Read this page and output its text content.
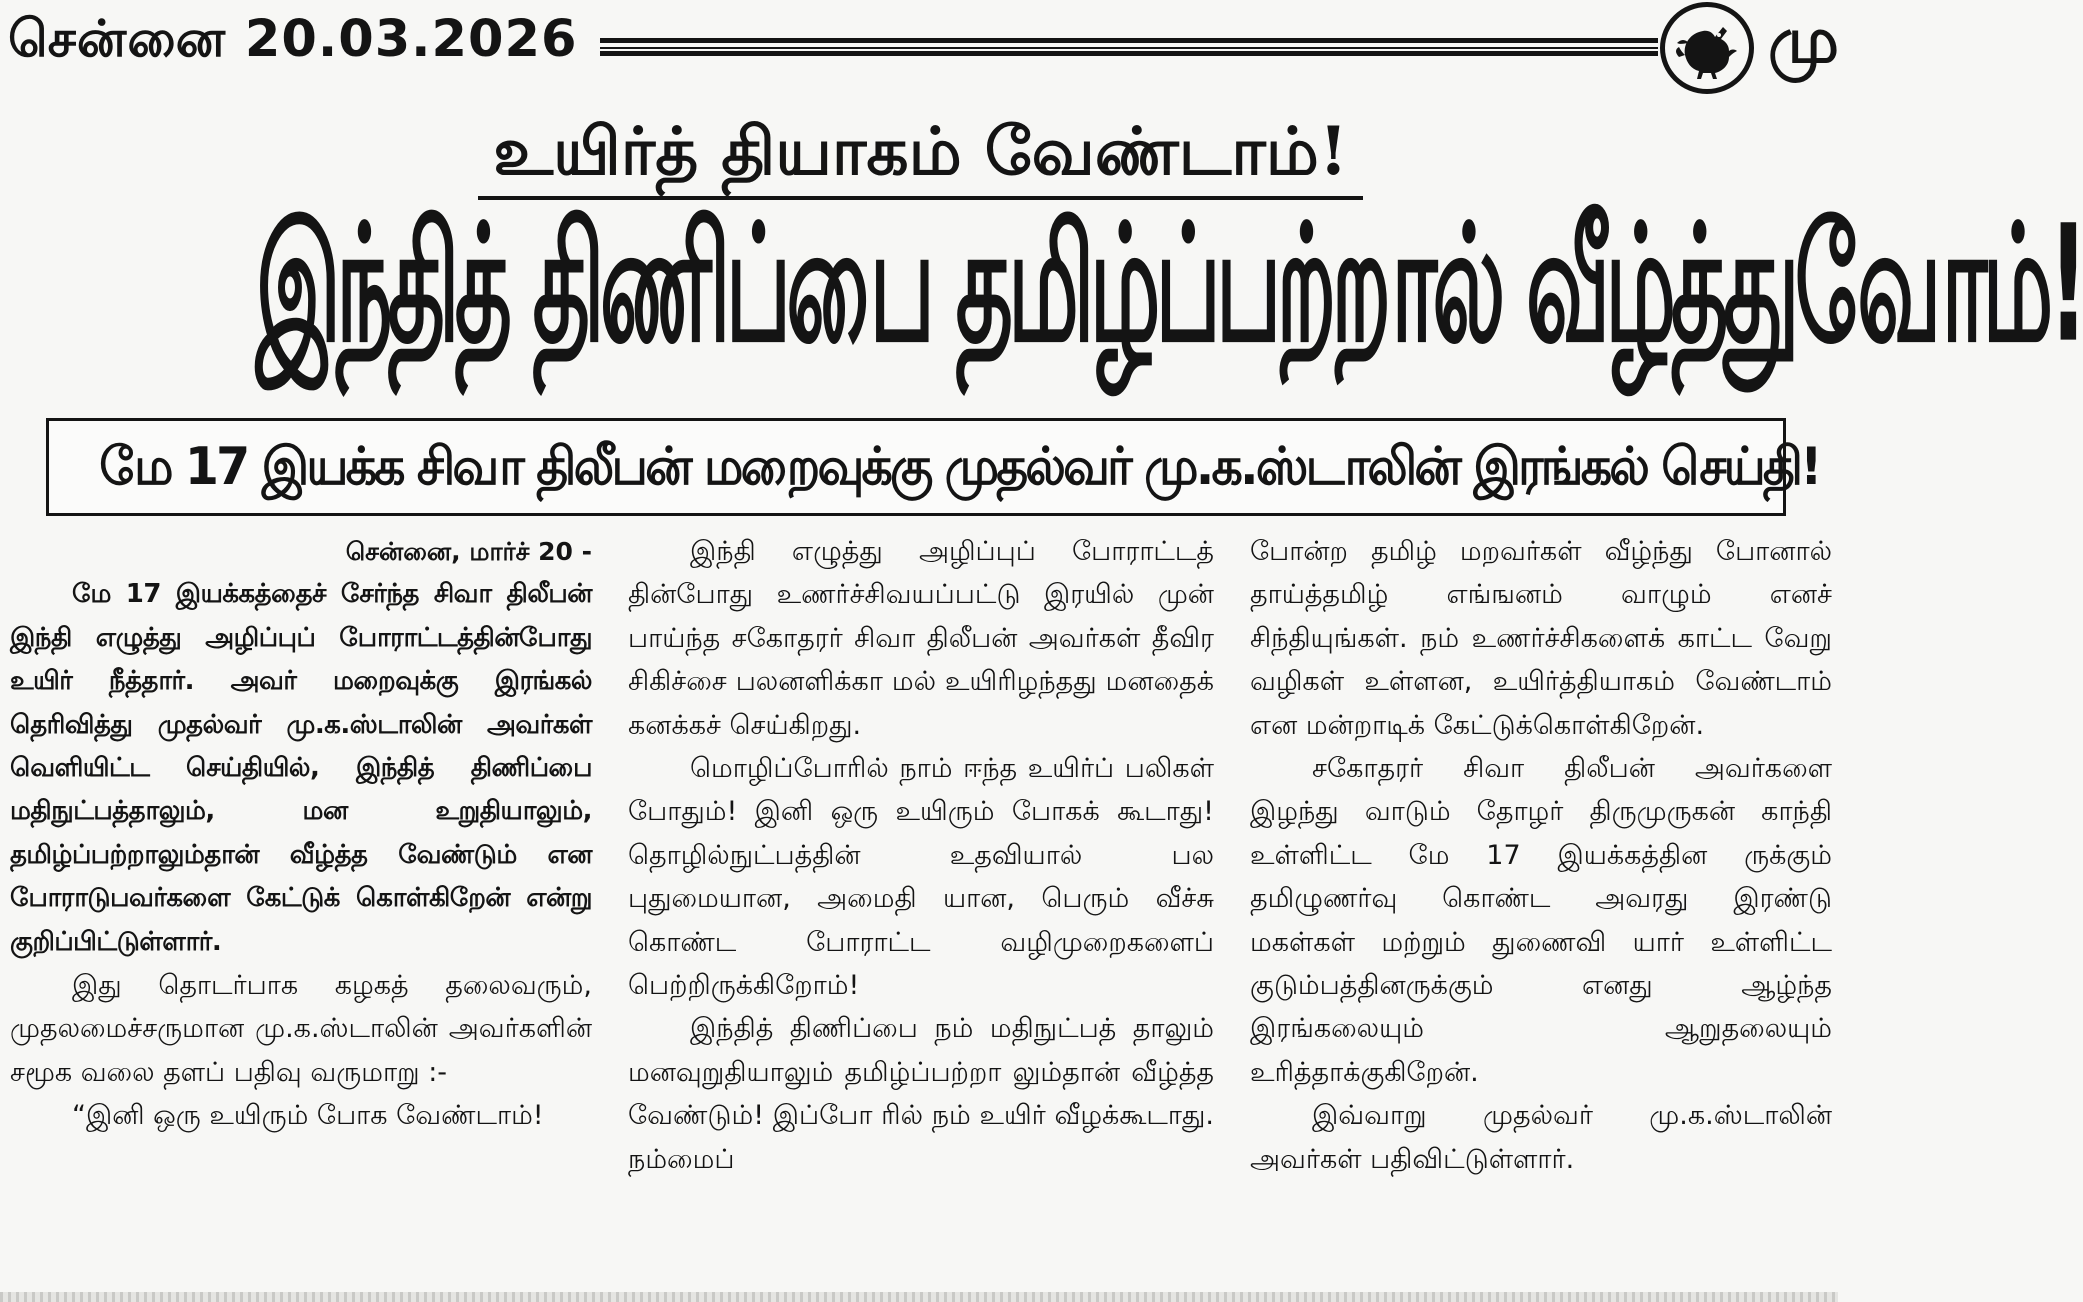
சென்னை 20.03.2026	மு
உயிர்த் தியாகம் வேண்டாம்!
இந்தித் திணிப்பை தமிழ்ப்பற்றால் வீழ்த்துவோம்!
மே 17 இயக்க சிவா திலீபன் மறைவுக்கு முதல்வர் மு.க.ஸ்டாலின் இரங்கல் செய்தி!
சென்னை, மார்ச் 20 -

மே 17 இயக்கத்தைச் சேர்ந்த சிவா திலீபன் இந்தி எழுத்து அழிப்புப் போராட்டத்தின்போது உயிர் நீத்தார். அவர் மறைவுக்கு இரங்கல் தெரிவித்து முதல்வர் மு.க.ஸ்டாலின் அவர்கள் வெளியிட்ட செய்தியில், இந்தித் திணிப்பை மதிநுட்பத்தாலும், மன உறுதியாலும், தமிழ்ப்பற்றாலும்தான் வீழ்த்த வேண்டும் என போராடுபவர்களை கேட்டுக் கொள்கிறேன் என்று குறிப்பிட்டுள்ளார்.

இது தொடர்பாக கழகத் தலைவரும், முதலமைச்சருமான மு.க.ஸ்டாலின் அவர்களின் சமூக வலை தளப் பதிவு வருமாறு :-

“இனி ஒரு உயிரும் போக வேண்டாம்!

இந்தி எழுத்து அழிப்புப் போராட்டத் தின்போது உணர்ச்சிவயப்பட்டு இரயில் முன் பாய்ந்த சகோதரர் சிவா திலீபன் அவர்கள் தீவிர சிகிச்சை பலனளிக்கா மல் உயிரிழந்தது மனதைக் கனக்கச் செய்கிறது.

மொழிப்போரில் நாம் ஈந்த உயிர்ப் பலிகள் போதும்! இனி ஒரு உயிரும் போகக் கூடாது! தொழில்நுட்பத்தின் உதவியால் பல புதுமையான, அமைதி யான, பெரும் வீச்சு கொண்ட போராட்ட வழிமுறைகளைப் பெற்றிருக்கிறோம்!

இந்தித் திணிப்பை நம் மதிநுட்பத் தாலும் மனவுறுதியாலும் தமிழ்ப்பற்றா லும்தான் வீழ்த்த வேண்டும்! இப்போ ரில் நம் உயிர் வீழக்கூடாது. நம்மைப்

போன்ற தமிழ் மறவர்கள் வீழ்ந்து போனால் தாய்த்தமிழ் எங்ஙனம் வாழும் எனச் சிந்தியுங்கள். நம் உணர்ச்சிகளைக் காட்ட வேறு வழிகள் உள்ளன, உயிர்த்தியாகம் வேண்டாம் என மன்றாடிக் கேட்டுக்கொள்கிறேன்.

சகோதரர் சிவா திலீபன் அவர்களை இழந்து வாடும் தோழர் திருமுருகன் காந்தி உள்ளிட்ட மே 17 இயக்கத்தின ருக்கும் தமிழுணர்வு கொண்ட அவரது இரண்டு மகள்கள் மற்றும் துணைவி யார் உள்ளிட்ட குடும்பத்தினருக்கும் எனது ஆழ்ந்த இரங்கலையும் ஆறுதலையும் உரித்தாக்குகிறேன்.

இவ்வாறு முதல்வர் மு.க.ஸ்டாலின் அவர்கள் பதிவிட்டுள்ளார்.
